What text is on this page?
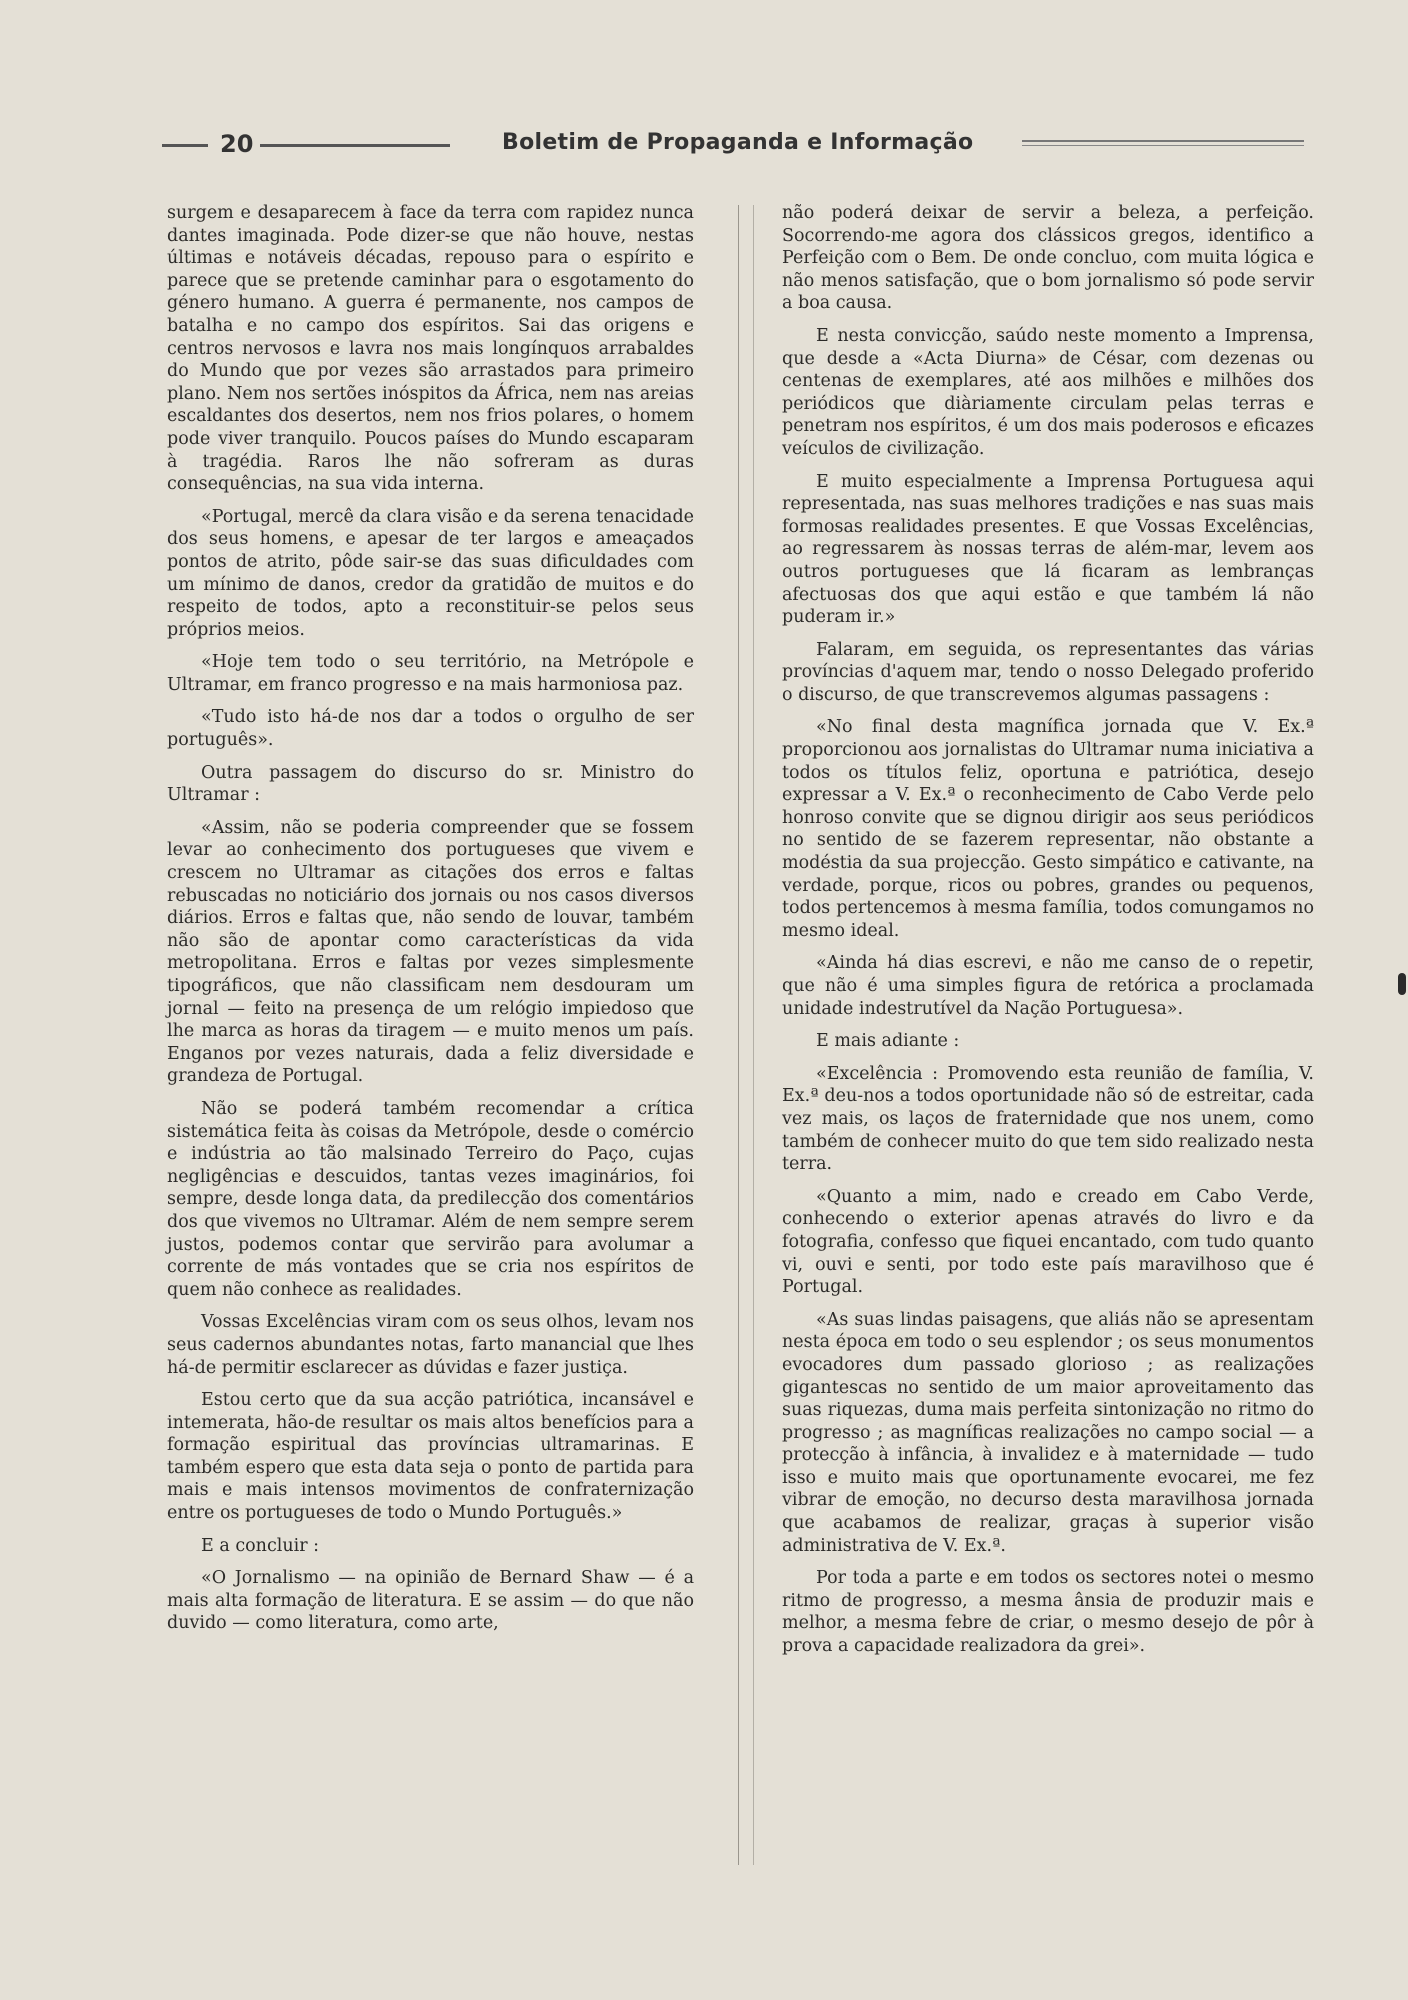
20	Boletim de Propaganda e Informação

surgem e desaparecem à face da terra com rapidez nunca dantes imaginada. Pode dizer-se que não houve, nestas últimas e notáveis décadas, repouso para o espírito e parece que se pretende caminhar para o esgotamento do género humano. A guerra é permanente, nos campos de batalha e no campo dos espíritos. Sai das origens e centros nervosos e lavra nos mais longínquos arrabaldes do Mundo que por vezes são arrastados para primeiro plano. Nem nos sertões inóspitos da África, nem nas areias escaldantes dos desertos, nem nos frios polares, o homem pode viver tranquilo. Poucos países do Mundo escaparam à tragédia. Raros lhe não sofreram as duras consequências, na sua vida interna.

«Portugal, mercê da clara visão e da serena tenacidade dos seus homens, e apesar de ter largos e ameaçados pontos de atrito, pôde sair-se das suas dificuldades com um mínimo de danos, credor da gratidão de muitos e do respeito de todos, apto a reconstituir-se pelos seus próprios meios.

«Hoje tem todo o seu território, na Metrópole e Ultramar, em franco progresso e na mais harmoniosa paz.

«Tudo isto há-de nos dar a todos o orgulho de ser português».

Outra passagem do discurso do sr. Ministro do Ultramar :

«Assim, não se poderia compreender que se fossem levar ao conhecimento dos portugueses que vivem e crescem no Ultramar as citações dos erros e faltas rebuscadas no noticiário dos jornais ou nos casos diversos diários. Erros e faltas que, não sendo de louvar, também não são de apontar como características da vida metropolitana. Erros e faltas por vezes simplesmente tipográficos, que não classificam nem desdouram um jornal — feito na presença de um relógio impiedoso que lhe marca as horas da tiragem — e muito menos um país. Enganos por vezes naturais, dada a feliz diversidade e grandeza de Portugal.

Não se poderá também recomendar a crítica sistemática feita às coisas da Metrópole, desde o comércio e indústria ao tão malsinado Terreiro do Paço, cujas negligências e descuidos, tantas vezes imaginários, foi sempre, desde longa data, da predilecção dos comentários dos que vivemos no Ultramar. Além de nem sempre serem justos, podemos contar que servirão para avolumar a corrente de más vontades que se cria nos espíritos de quem não conhece as realidades.

Vossas Excelências viram com os seus olhos, levam nos seus cadernos abundantes notas, farto manancial que lhes há-de permitir esclarecer as dúvidas e fazer justiça.

Estou certo que da sua acção patriótica, incansável e intemerata, hão-de resultar os mais altos benefícios para a formação espiritual das províncias ultramarinas. E também espero que esta data seja o ponto de partida para mais e mais intensos movimentos de confraternização entre os portugueses de todo o Mundo Português.»

E a concluir :

«O Jornalismo — na opinião de Bernard Shaw — é a mais alta formação de literatura. E se assim — do que não duvido — como literatura, como arte,

não poderá deixar de servir a beleza, a perfeição. Socorrendo-me agora dos clássicos gregos, identifico a Perfeição com o Bem. De onde concluo, com muita lógica e não menos satisfação, que o bom jornalismo só pode servir a boa causa.

E nesta convicção, saúdo neste momento a Imprensa, que desde a «Acta Diurna» de César, com dezenas ou centenas de exemplares, até aos milhões e milhões dos periódicos que diàriamente circulam pelas terras e penetram nos espíritos, é um dos mais poderosos e eficazes veículos de civilização.

E muito especialmente a Imprensa Portuguesa aqui representada, nas suas melhores tradições e nas suas mais formosas realidades presentes. E que Vossas Excelências, ao regressarem às nossas terras de além-mar, levem aos outros portugueses que lá ficaram as lembranças afectuosas dos que aqui estão e que também lá não puderam ir.»

Falaram, em seguida, os representantes das várias províncias d'aquem mar, tendo o nosso Delegado proferido o discurso, de que transcrevemos algumas passagens :

«No final desta magnífica jornada que V. Ex.ª proporcionou aos jornalistas do Ultramar numa iniciativa a todos os títulos feliz, oportuna e patriótica, desejo expressar a V. Ex.ª o reconhecimento de Cabo Verde pelo honroso convite que se dignou dirigir aos seus periódicos no sentido de se fazerem representar, não obstante a modéstia da sua projecção. Gesto simpático e cativante, na verdade, porque, ricos ou pobres, grandes ou pequenos, todos pertencemos à mesma família, todos comungamos no mesmo ideal.

«Ainda há dias escrevi, e não me canso de o repetir, que não é uma simples figura de retórica a proclamada unidade indestrutível da Nação Portuguesa».

E mais adiante :

«Excelência : Promovendo esta reunião de família, V. Ex.ª deu-nos a todos oportunidade não só de estreitar, cada vez mais, os laços de fraternidade que nos unem, como também de conhecer muito do que tem sido realizado nesta terra.

«Quanto a mim, nado e creado em Cabo Verde, conhecendo o exterior apenas através do livro e da fotografia, confesso que fiquei encantado, com tudo quanto vi, ouvi e senti, por todo este país maravilhoso que é Portugal.

«As suas lindas paisagens, que aliás não se apresentam nesta época em todo o seu esplendor ; os seus monumentos evocadores dum passado glorioso ; as realizações gigantescas no sentido de um maior aproveitamento das suas riquezas, duma mais perfeita sintonização no ritmo do progresso ; as magníficas realizações no campo social — a protecção à infância, à invalidez e à maternidade — tudo isso e muito mais que oportunamente evocarei, me fez vibrar de emoção, no decurso desta maravilhosa jornada que acabamos de realizar, graças à superior visão administrativa de V. Ex.ª.

Por toda a parte e em todos os sectores notei o mesmo ritmo de progresso, a mesma ânsia de produzir mais e melhor, a mesma febre de criar, o mesmo desejo de pôr à prova a capacidade realizadora da grei».
